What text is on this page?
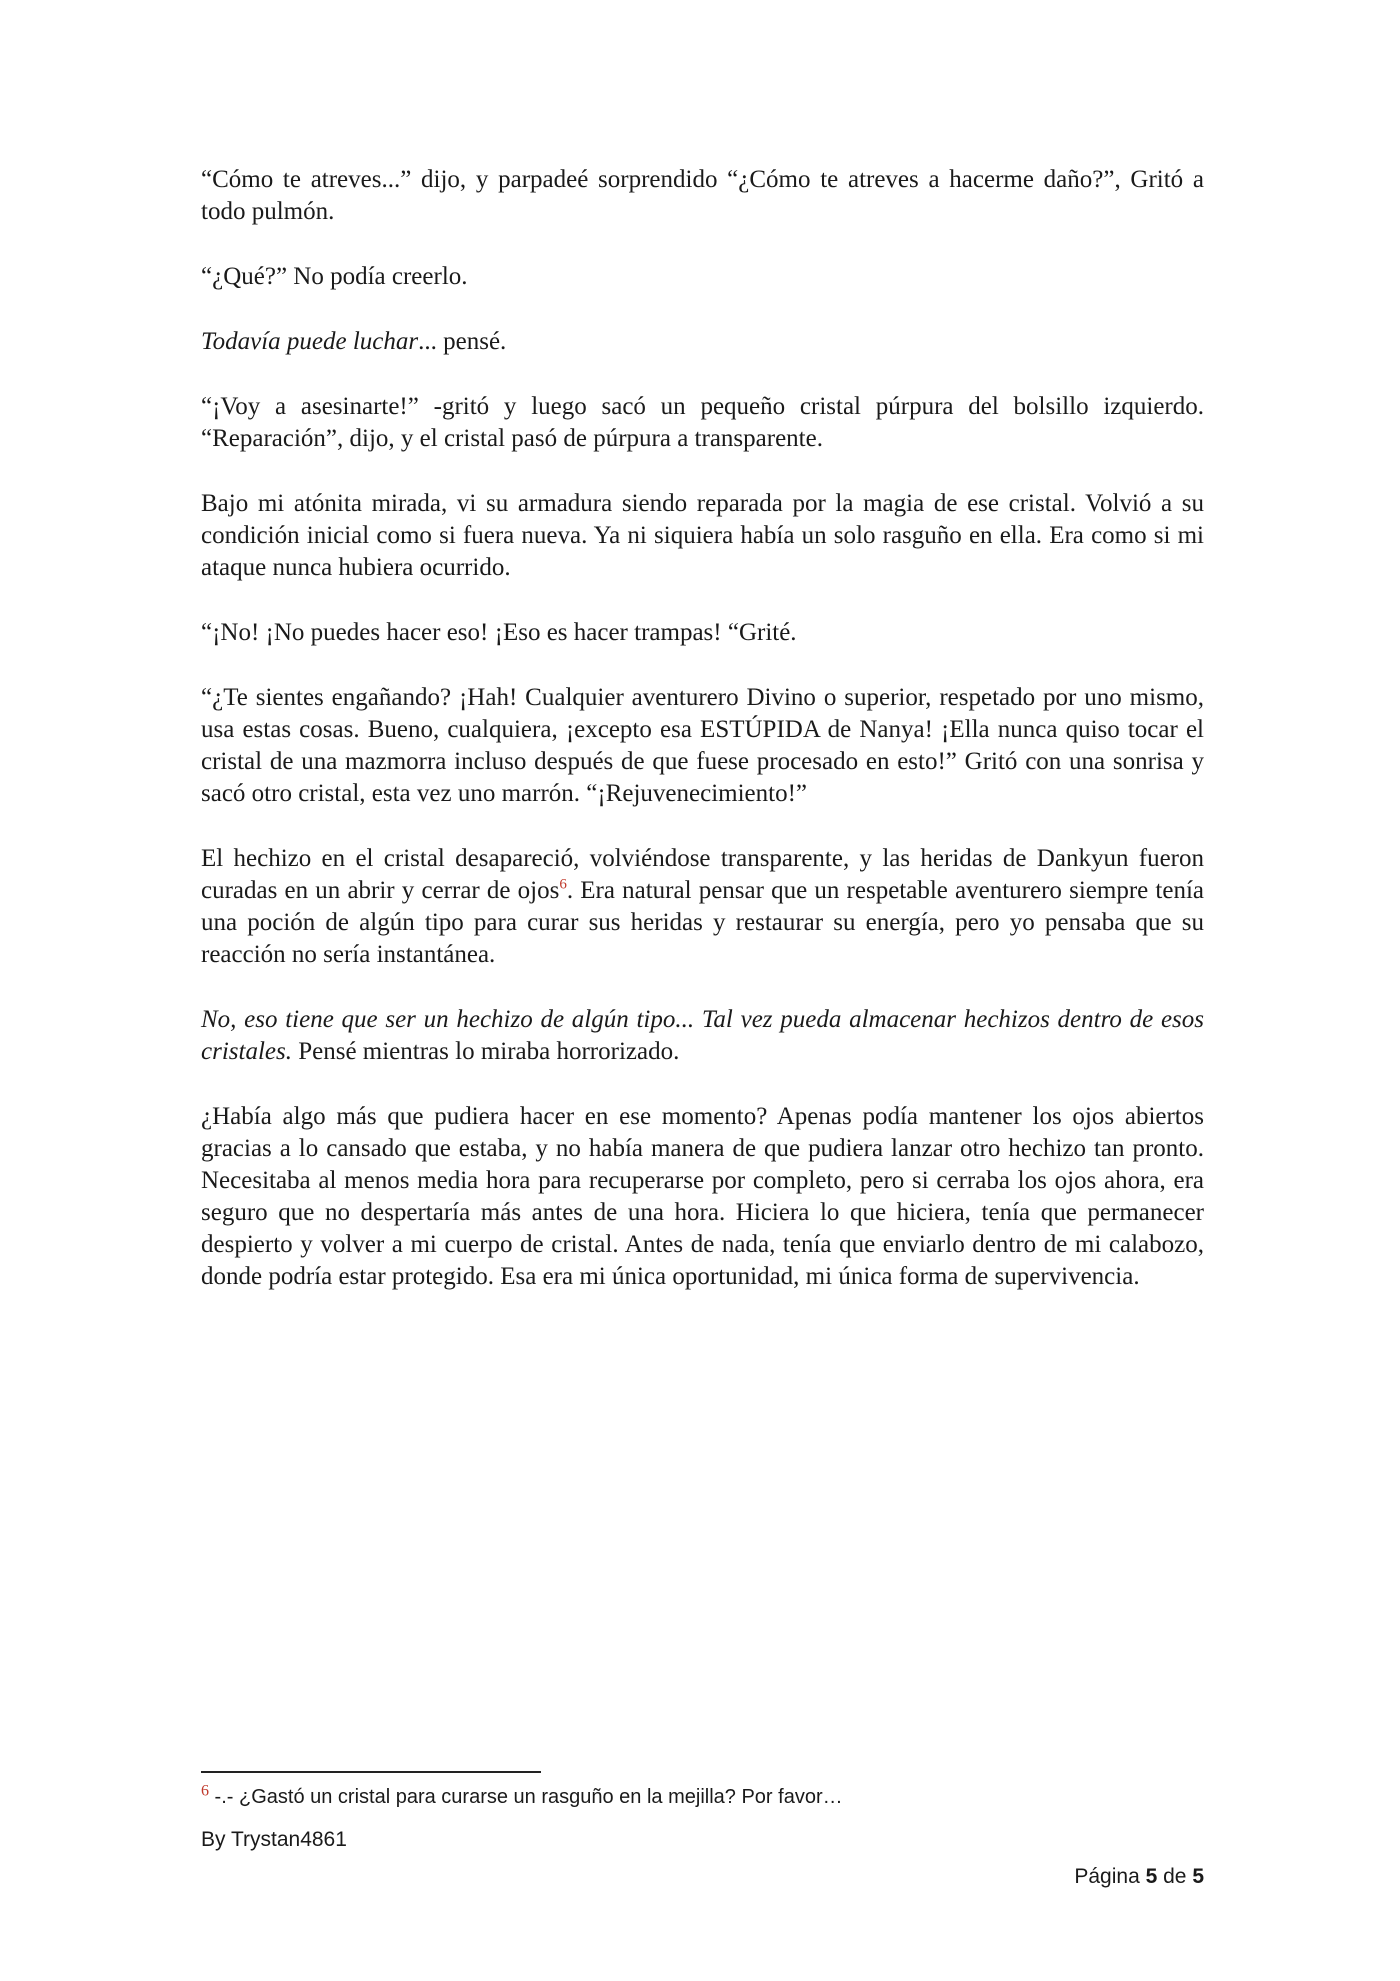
“Cómo te atreves...” dijo, y parpadeé sorprendido “¿Cómo te atreves a hacerme daño?”, Gritó a todo pulmón.

“¿Qué?” No podía creerlo.

Todavía puede luchar... pensé.

“¡Voy a asesinarte!” -gritó y luego sacó un pequeño cristal púrpura del bolsillo izquierdo. “Reparación”, dijo, y el cristal pasó de púrpura a transparente.

Bajo mi atónita mirada, vi su armadura siendo reparada por la magia de ese cristal. Volvió a su condición inicial como si fuera nueva. Ya ni siquiera había un solo rasguño en ella. Era como si mi ataque nunca hubiera ocurrido.

“¡No! ¡No puedes hacer eso! ¡Eso es hacer trampas! “Grité.

“¿Te sientes engañando? ¡Hah! Cualquier aventurero Divino o superior, respetado por uno mismo, usa estas cosas. Bueno, cualquiera, ¡excepto esa ESTÚPIDA de Nanya! ¡Ella nunca quiso tocar el cristal de una mazmorra incluso después de que fuese procesado en esto!” Gritó con una sonrisa y sacó otro cristal, esta vez uno marrón. “¡Rejuvenecimiento!”

El hechizo en el cristal desapareció, volviéndose transparente, y las heridas de Dankyun fueron curadas en un abrir y cerrar de ojos$^6$. Era natural pensar que un respetable aventurero siempre tenía una poción de algún tipo para curar sus heridas y restaurar su energía, pero yo pensaba que su reacción no sería instantánea.

No, eso tiene que ser un hechizo de algún tipo... Tal vez pueda almacenar hechizos dentro de esos cristales. Pensé mientras lo miraba horrorizado.

¿Había algo más que pudiera hacer en ese momento? Apenas podía mantener los ojos abiertos gracias a lo cansado que estaba, y no había manera de que pudiera lanzar otro hechizo tan pronto. Necesitaba al menos media hora para recuperarse por completo, pero si cerraba los ojos ahora, era seguro que no despertaría más antes de una hora. Hiciera lo que hiciera, tenía que permanecer despierto y volver a mi cuerpo de cristal. Antes de nada, tenía que enviarlo dentro de mi calabozo, donde podría estar protegido. Esa era mi única oportunidad, mi única forma de supervivencia.

$^6$ -.- ¿Gastó un cristal para curarse un rasguño en la mejilla? Por favor…
By Trystan4861
Página 5 de 5
